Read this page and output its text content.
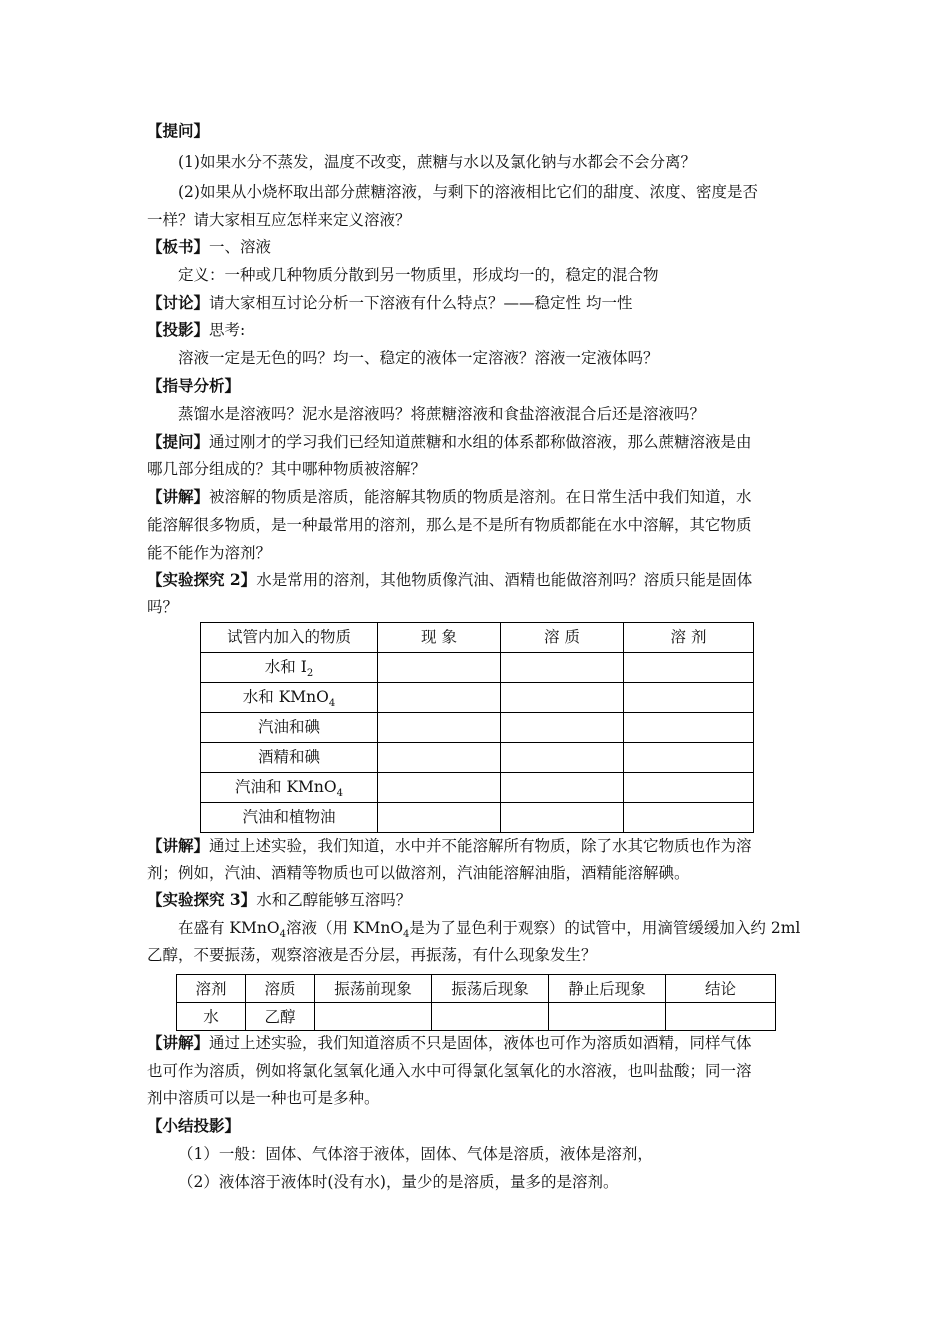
【提问】
(1)如果水分不蒸发，温度不改变，蔗糖与水以及氯化钠与水都会不会分离？
(2)如果从小烧杯取出部分蔗糖溶液，与剩下的溶液相比它们的甜度、浓度、密度是否
一样？请大家相互应怎样来定义溶液？
【板书】一、溶液
定义：一种或几种物质分散到另一物质里，形成均一的，稳定的混合物
【讨论】请大家相互讨论分析一下溶液有什么特点？——稳定性 均一性
【投影】思考:
溶液一定是无色的吗？均一、稳定的液体一定溶液？溶液一定液体吗？
【指导分析】
蒸馏水是溶液吗？泥水是溶液吗？将蔗糖溶液和食盐溶液混合后还是溶液吗？
【提问】通过刚才的学习我们已经知道蔗糖和水组的体系都称做溶液，那么蔗糖溶液是由
哪几部分组成的？其中哪种物质被溶解？
【讲解】被溶解的物质是溶质，能溶解其物质的物质是溶剂。在日常生活中我们知道，水
能溶解很多物质，是一种最常用的溶剂，那么是不是所有物质都能在水中溶解，其它物质
能不能作为溶剂？
【实验探究 2】水是常用的溶剂，其他物质像汽油、酒精也能做溶剂吗？溶质只能是固体
吗？
试管内加入的物质	现 象	溶 质	溶 剂
水和 $I_2$			
水和 KMnO$_4$			
汽油和碘			
酒精和碘			
汽油和 KMnO$_4$			
汽油和植物油			
【讲解】通过上述实验，我们知道，水中并不能溶解所有物质，除了水其它物质也作为溶
剂；例如，汽油、酒精等物质也可以做溶剂，汽油能溶解油脂，酒精能溶解碘。
【实验探究 3】水和乙醇能够互溶吗？
在盛有 KMnO$_4$溶液（用 KMnO$_4$是为了显色利于观察）的试管中，用滴管缓缓加入约 2ml
乙醇，不要振荡，观察溶液是否分层，再振荡，有什么现象发生？
溶剂	溶质	振荡前现象	振荡后现象	静止后现象	结论
水	乙醇				
【讲解】通过上述实验，我们知道溶质不只是固体，液体也可作为溶质如酒精，同样气体
也可作为溶质，例如将氯化氢氧化通入水中可得氯化氢氧化的水溶液，也叫盐酸；同一溶
剂中溶质可以是一种也可是多种。
【小结投影】
（1）一般：固体、气体溶于液体，固体、气体是溶质，液体是溶剂，
（2）液体溶于液体时(没有水)，量少的是溶质，量多的是溶剂。
